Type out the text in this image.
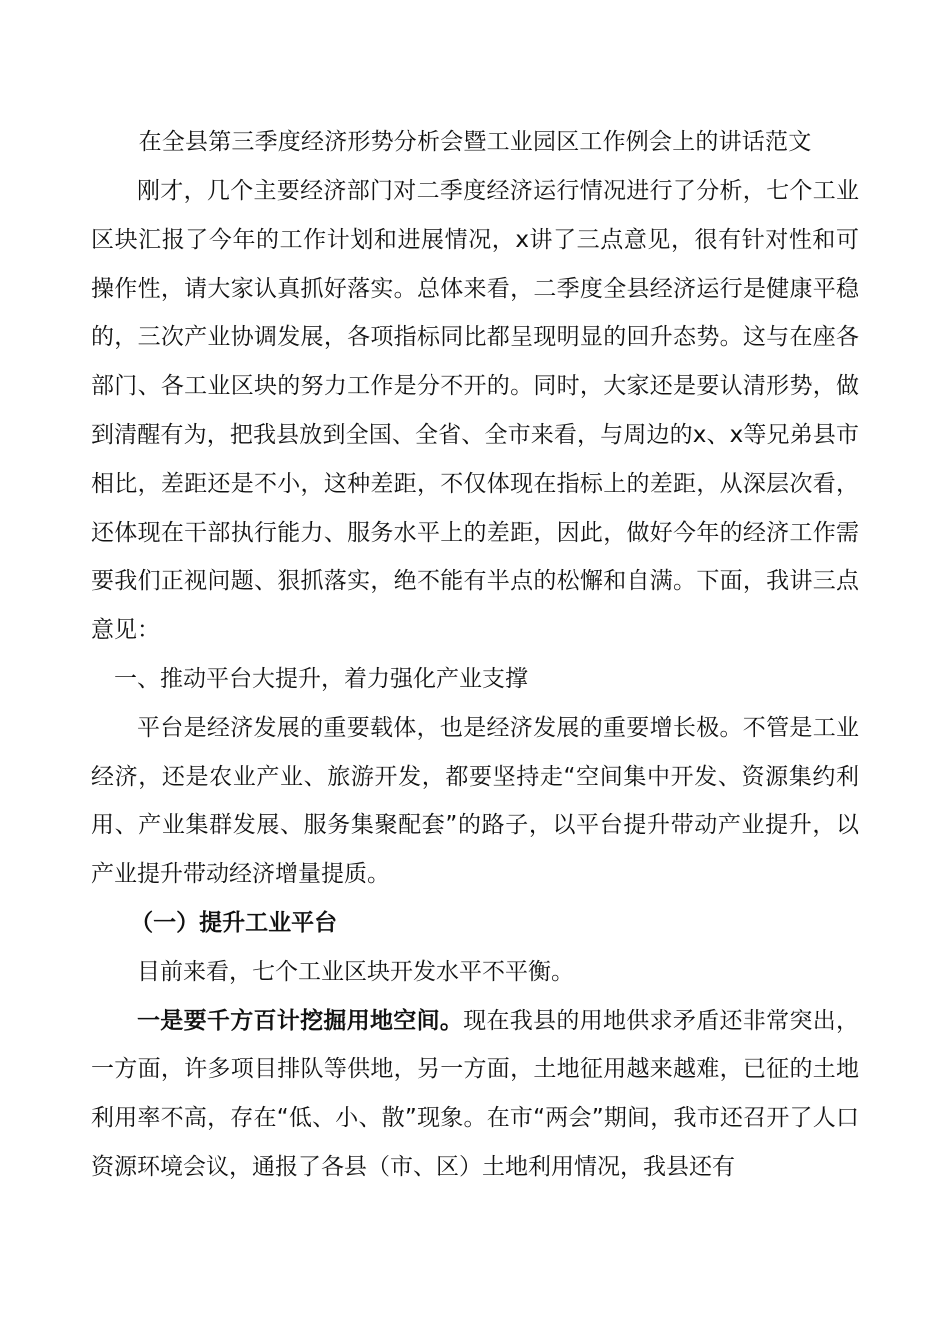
在全县第三季度经济形势分析会暨工业园区工作例会上的讲话范文

刚才，几个主要经济部门对二季度经济运行情况进行了分析，七个工业区块汇报了今年的工作计划和进展情况，x讲了三点意见，很有针对性和可操作性，请大家认真抓好落实。总体来看，二季度全县经济运行是健康平稳的，三次产业协调发展，各项指标同比都呈现明显的回升态势。这与在座各部门、各工业区块的努力工作是分不开的。同时，大家还是要认清形势，做到清醒有为，把我县放到全国、全省、全市来看，与周边的x、x等兄弟县市相比，差距还是不小，这种差距，不仅体现在指标上的差距，从深层次看，还体现在干部执行能力、服务水平上的差距，因此，做好今年的经济工作需要我们正视问题、狠抓落实，绝不能有半点的松懈和自满。下面，我讲三点意见：

一、推动平台大提升，着力强化产业支撑

平台是经济发展的重要载体，也是经济发展的重要增长极。不管是工业经济，还是农业产业、旅游开发，都要坚持走“空间集中开发、资源集约利用、产业集群发展、服务集聚配套”的路子，以平台提升带动产业提升，以产业提升带动经济增量提质。

（一）提升工业平台

目前来看，七个工业区块开发水平不平衡。

一是要千方百计挖掘用地空间。现在我县的用地供求矛盾还非常突出，一方面，许多项目排队等供地，另一方面，土地征用越来越难，已征的土地利用率不高，存在“低、小、散”现象。在市“两会”期间，我市还召开了人口资源环境会议，通报了各县（市、区）土地利用情况，我县还有
